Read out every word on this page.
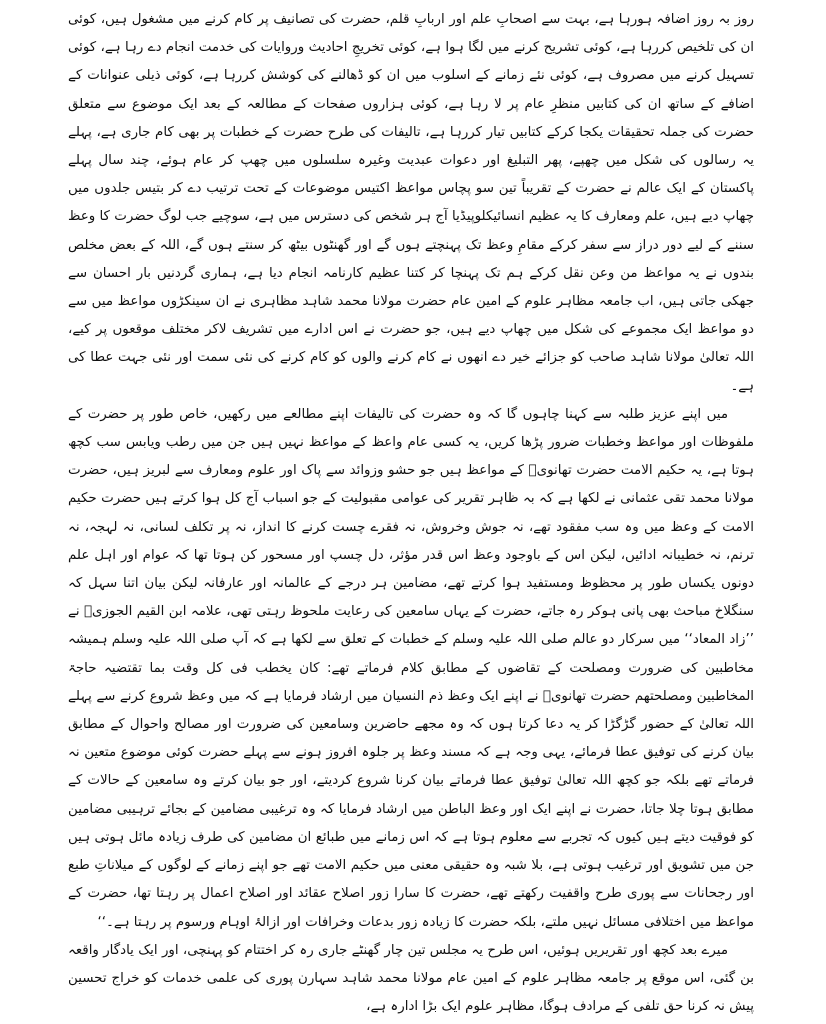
روز بہ روز اضافہ ہورہا ہے، بہت سے اصحابِ علم اور اربابِ قلم، حضرت کی تصانیف پر کام کرنے میں مشغول ہیں، کوئی ان کی تلخیص کررہا ہے، کوئی تشریح کرنے میں لگا ہوا ہے، کوئی تخریجِ احادیث وروایات کی خدمت انجام دے رہا ہے، کوئی تسہیل کرنے میں مصروف ہے، کوئی نئے زمانے کے اسلوب میں ان کو ڈھالنے کی کوشش کررہا ہے، کوئی ذیلی عنوانات کے اضافے کے ساتھ ان کی کتابیں منظرِ عام پر لا رہا ہے، کوئی ہزاروں صفحات کے مطالعہ کے بعد ایک موضوع سے متعلق حضرت کی جملہ تحقیقات یکجا کرکے کتابیں تیار کررہا ہے، تالیفات کی طرح حضرت کے خطبات پر بھی کام جاری ہے، پہلے یہ رسالوں کی شکل میں چھپے، پھر التبلیغ اور دعوات عبدیت وغیرہ سلسلوں میں چھپ کر عام ہوئے، چند سال پہلے پاکستان کے ایک عالم نے حضرت کے تقریباً تین سو پچاس مواعظ اکتیس موضوعات کے تحت ترتیب دے کر بتیس جلدوں میں چھاپ دیے ہیں، علم ومعارف کا یہ عظیم انسائیکلوپیڈیا آج ہر شخص کی دسترس میں ہے، سوچیے جب لوگ حضرت کا وعظ سننے کے لیے دور دراز سے سفر کرکے مقامِ وعظ تک پہنچتے ہوں گے اور گھنٹوں بیٹھ کر سنتے ہوں گے، اللہ کے بعض مخلص بندوں نے یہ مواعظ من وعن نقل کرکے ہم تک پہنچا کر کتنا عظیم کارنامہ انجام دیا ہے، ہماری گردنیں بار احسان سے جھکی جاتی ہیں، اب جامعہ مظاہر علوم کے امین عام حضرت مولانا محمد شاہد مظاہری نے ان سینکڑوں مواعظ میں سے دو مواعظ ایک مجموعے کی شکل میں چھاپ دیے ہیں، جو حضرت نے اس ادارے میں تشریف لاکر مختلف موقعوں پر کیے، اللہ تعالیٰ مولانا شاہد صاحب کو جزائے خیر دے انھوں نے کام کرنے والوں کو کام کرنے کی نئی سمت اور نئی جہت عطا کی ہے۔

میں اپنے عزیز طلبہ سے کہنا چاہوں گا کہ وہ حضرت کی تالیفات اپنے مطالعے میں رکھیں، خاص طور پر حضرت کے ملفوظات اور مواعظ وخطبات ضرور پڑھا کریں، یہ کسی عام واعظ کے مواعظ نہیں ہیں جن میں رطب ویابس سب کچھ ہوتا ہے، یہ حکیم الامت حضرت تھانویؒ کے مواعظ ہیں جو حشو وزوائد سے پاک اور علوم ومعارف سے لبریز ہیں، حضرت مولانا محمد تقی عثمانی نے لکھا ہے کہ بہ ظاہر تقریر کی عوامی مقبولیت کے جو اسباب آج کل ہوا کرتے ہیں حضرت حکیم الامت کے وعظ میں وہ سب مفقود تھے، نہ جوش وخروش، نہ فقرے چست کرنے کا انداز، نہ پر تکلف لسانی، نہ لہجہ، نہ ترنم، نہ خطیبانہ ادائیں، لیکن اس کے باوجود وعظ اس قدر مؤثر، دل چسپ اور مسحور کن ہوتا تھا کہ عوام اور اہل علم دونوں یکساں طور پر محظوظ ومستفید ہوا کرتے تھے، مضامین ہر درجے کے عالمانہ اور عارفانہ لیکن بیان اتنا سہل کہ سنگلاخ مباحث بھی پانی ہوکر رہ جاتے، حضرت کے یہاں سامعین کی رعایت ملحوظ رہتی تھی، علامہ ابن القیم الجوزیؒ نے ’’زاد المعاد‘‘ میں سرکار دو عالم صلی اللہ علیہ وسلم کے خطبات کے تعلق سے لکھا ہے کہ آپ صلی اللہ علیہ وسلم ہمیشہ مخاطبین کی ضرورت ومصلحت کے تقاضوں کے مطابق کلام فرماتے تھے: کان یخطب فی کل وقت بما تقتضیہ حاجۃ المخاطبین ومصلحتھم حضرت تھانویؒ نے اپنے ایک وعظ ذم النسیان میں ارشاد فرمایا ہے کہ میں وعظ شروع کرنے سے پہلے اللہ تعالیٰ کے حضور گڑگڑا کر یہ دعا کرتا ہوں کہ وہ مجھے حاضرین وسامعین کی ضرورت اور مصالح واحوال کے مطابق بیان کرنے کی توفیق عطا فرمائے، یہی وجہ ہے کہ مسند وعظ پر جلوہ افروز ہونے سے پہلے حضرت کوئی موضوع متعین نہ فرماتے تھے بلکہ جو کچھ اللہ تعالیٰ توفیق عطا فرماتے بیان کرنا شروع کردیتے، اور جو بیان کرتے وہ سامعین کے حالات کے مطابق ہوتا چلا جاتا، حضرت نے اپنے ایک اور وعظ الباطن میں ارشاد فرمایا کہ وہ ترغیبی مضامین کے بجائے ترہیبی مضامین کو فوقیت دیتے ہیں کیوں کہ تجربے سے معلوم ہوتا ہے کہ اس زمانے میں طبائع ان مضامین کی طرف زیادہ مائل ہوتی ہیں جن میں تشویق اور ترغیب ہوتی ہے، بلا شبہ وہ حقیقی معنی میں حکیم الامت تھے جو اپنے زمانے کے لوگوں کے میلاناتِ طبع اور رجحانات سے پوری طرح واقفیت رکھتے تھے، حضرت کا سارا زور اصلاح عقائد اور اصلاح اعمال پر رہتا تھا، حضرت کے مواعظ میں اختلافی مسائل نہیں ملتے، بلکہ حضرت کا زیادہ زور بدعات وخرافات اور ازالۂ اوہام ورسوم پر رہتا ہے۔‘‘

میرے بعد کچھ اور تقریریں ہوئیں، اس طرح یہ مجلس تین چار گھنٹے جاری رہ کر اختتام کو پہنچی، اور ایک یادگار واقعہ بن گئی، اس موقع پر جامعہ مظاہر علوم کے امین عام مولانا محمد شاہد سہارن پوری کی علمی خدمات کو خراج تحسین پیش نہ کرنا حق تلفی کے مرادف ہوگا، مظاہر علوم ایک بڑا ادارہ ہے،
